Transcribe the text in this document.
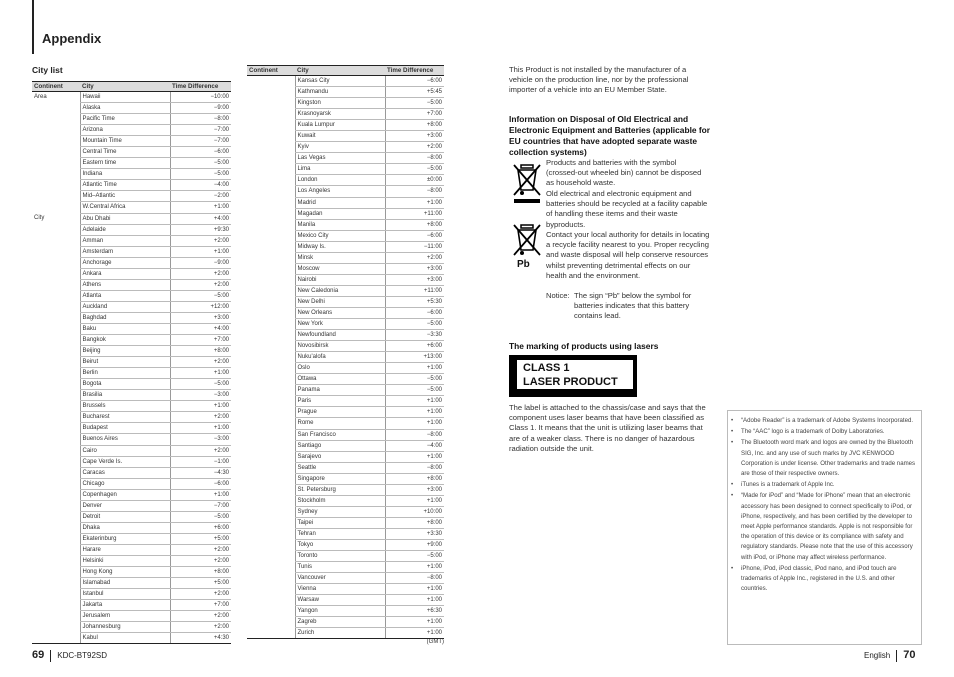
Appendix
City list
Continent	City	Time Difference
Area	Hawaii	−10:00
	Alaska	−9:00
	Pacific Time	−8:00
	Arizona	−7:00
	Mountain Time	−7:00
	Central Time	−6:00
	Eastern time	−5:00
	Indiana	−5:00
	Atlantic Time	−4:00
	Mid–Atlantic	−2:00
	W.Central Africa	+1:00
City	Abu Dhabi	+4:00
	Adelaide	+9:30
	Amman	+2:00
	Amsterdam	+1:00
	Anchorage	−9:00
	Ankara	+2:00
	Athens	+2:00
	Atlanta	−5:00
	Auckland	+12:00
	Baghdad	+3:00
	Baku	+4:00
	Bangkok	+7:00
	Beijing	+8:00
	Beirut	+2:00
	Berlin	+1:00
	Bogota	−5:00
	Brasilia	−3:00
	Brussels	+1:00
	Bucharest	+2:00
	Budapest	+1:00
	Buenos Aires	−3:00
	Cairo	+2:00
	Cape Verde Is.	−1:00
	Caracas	−4:30
	Chicago	−6:00
	Copenhagen	+1:00
	Denver	−7:00
	Detroit	−5:00
	Dhaka	+6:00
	Ekaterinburg	+5:00
	Harare	+2:00
	Helsinki	+2:00
	Hong Kong	+8:00
	Islamabad	+5:00
	Istanbul	+2:00
	Jakarta	+7:00
	Jerusalem	+2:00
	Johannesburg	+2:00
	Kabul	+4:30
Continent	City	Time Difference
	Kansas City	−6:00
	Kathmandu	+5:45
	Kingston	−5:00
	Krasnoyarsk	+7:00
	Kuala Lumpur	+8:00
	Kuwait	+3:00
	Kyiv	+2:00
	Las Vegas	−8:00
	Lima	−5:00
	London	±0:00
	Los Angeles	−8:00
	Madrid	+1:00
	Magadan	+11:00
	Manila	+8:00
	Mexico City	−6:00
	Midway Is.	−11:00
	Minsk	+2:00
	Moscow	+3:00
	Nairobi	+3:00
	New Caledonia	+11:00
	New Delhi	+5:30
	New Orleans	−6:00
	New York	−5:00
	Newfoundland	−3:30
	Novosibirsk	+6:00
	Nuku'alofa	+13:00
	Oslo	+1:00
	Ottawa	−5:00
	Panama	−5:00
	Paris	+1:00
	Prague	+1:00
	Rome	+1:00
	San Francisco	−8:00
	Santiago	−4:00
	Sarajevo	+1:00
	Seattle	−8:00
	Singapore	+8:00
	St. Petersburg	+3:00
	Stockholm	+1:00
	Sydney	+10:00
	Taipei	+8:00
	Tehran	+3:30
	Tokyo	+9:00
	Toronto	−5:00
	Tunis	+1:00
	Vancouver	−8:00
	Vienna	+1:00
	Warsaw	+1:00
	Yangon	+6:30
	Zagreb	+1:00
	Zurich	+1:00
(GMT)
This Product is not installed by the manufacturer of a vehicle on the production line, nor by the professional importer of a vehicle into an EU Member State.
Information on Disposal of Old Electrical and Electronic Equipment and Batteries (applicable for EU countries that have adopted separate waste collection systems)
Pb
Products and batteries with the symbol (crossed-out wheeled bin) cannot be disposed as household waste.
Old electrical and electronic equipment and batteries should be recycled at a facility capable of handling these items and their waste byproducts.
Contact your local authority for details in locating a recycle facility nearest to you. Proper recycling and waste disposal will help conserve resources whilst preventing detrimental effects on our health and the environment.
Notice: The sign “Pb” below the symbol for batteries indicates that this battery contains lead.
The marking of products using lasers
CLASS 1
LASER PRODUCT
The label is attached to the chassis/case and says that the component uses laser beams that have been classified as Class 1. It means that the unit is utilizing laser beams that are of a weaker class. There is no danger of hazardous radiation outside the unit.
• “Adobe Reader” is a trademark of Adobe Systems Incorporated.
• The “AAC” logo is a trademark of Dolby Laboratories.
• The Bluetooth word mark and logos are owned by the Bluetooth SIG, Inc. and any use of such marks by JVC KENWOOD Corporation is under license. Other trademarks and trade names are those of their respective owners.
• iTunes is a trademark of Apple Inc.
• “Made for iPod” and “Made for iPhone” mean that an electronic accessory has been designed to connect specifically to iPod, or iPhone, respectively, and has been certified by the developer to meet Apple performance standards. Apple is not responsible for the operation of this device or its compliance with safety and regulatory standards. Please note that the use of this accessory with iPod, or iPhone may affect wireless performance.
• iPhone, iPod, iPod classic, iPod nano, and iPod touch are trademarks of Apple Inc., registered in the U.S. and other countries.
69 KDC-BT92SD	English 70
